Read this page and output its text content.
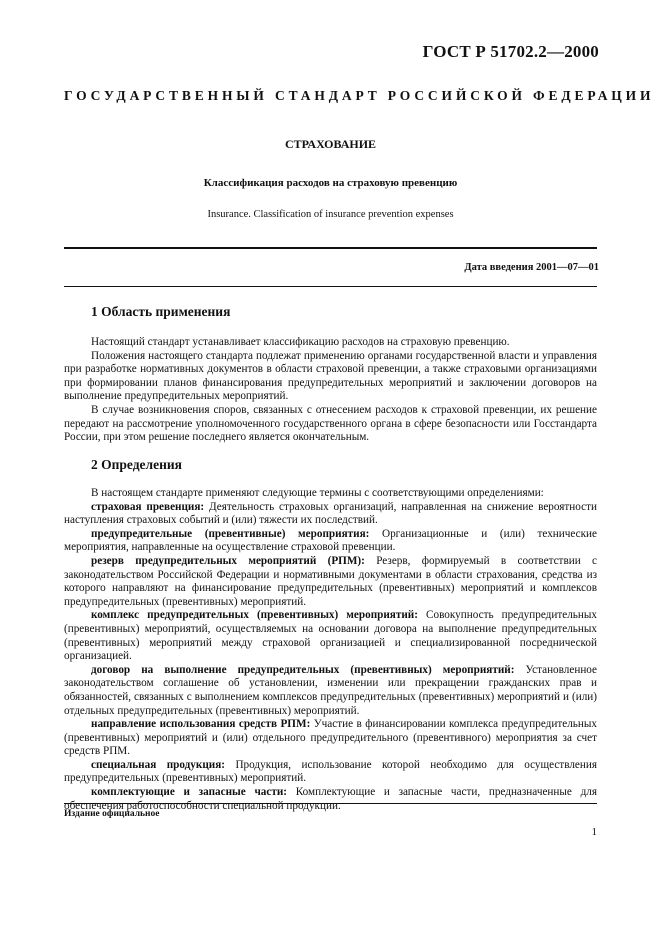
ГОСТ Р 51702.2—2000
ГОСУДАРСТВЕННЫЙ СТАНДАРТ РОССИЙСКОЙ ФЕДЕРАЦИИ
СТРАХОВАНИЕ
Классификация расходов на страховую превенцию
Insurance. Classification of insurance prevention expenses
Дата введения 2001—07—01
1 Область применения

Настоящий стандарт устанавливает классификацию расходов на страховую превенцию.

Положения настоящего стандарта подлежат применению органами государственной власти и управления при разработке нормативных документов в области страховой превенции, а также страховыми организациями при формировании планов финансирования предупредительных мероприятий и заключении договоров на выполнение предупредительных мероприятий.

В случае возникновения споров, связанных с отнесением расходов к страховой превенции, их решение передают на рассмотрение уполномоченного государственного органа в сфере безопасности или Госстандарта России, при этом решение последнего является окончательным.

2 Определения

В настоящем стандарте применяют следующие термины с соответствующими определениями:

страховая превенция: Деятельность страховых организаций, направленная на снижение вероятности наступления страховых событий и (или) тяжести их последствий.

предупредительные (превентивные) мероприятия: Организационные и (или) технические мероприятия, направленные на осуществление страховой превенции.

резерв предупредительных мероприятий (РПМ): Резерв, формируемый в соответствии с законодательством Российской Федерации и нормативными документами в области страхования, средства из которого направляют на финансирование предупредительных (превентивных) мероприятий и комплексов предупредительных (превентивных) мероприятий.

комплекс предупредительных (превентивных) мероприятий: Совокупность предупредительных (превентивных) мероприятий, осуществляемых на основании договора на выполнение предупредительных (превентивных) мероприятий между страховой организацией и специализированной посреднической организацией.

договор на выполнение предупредительных (превентивных) мероприятий: Установленное законодательством соглашение об установлении, изменении или прекращении гражданских прав и обязанностей, связанных с выполнением комплексов предупредительных (превентивных) мероприятий и (или) отдельных предупредительных (превентивных) мероприятий.

направление использования средств РПМ: Участие в финансировании комплекса предупредительных (превентивных) мероприятий и (или) отдельного предупредительного (превентивного) мероприятия за счет средств РПМ.

специальная продукция: Продукция, использование которой необходимо для осуществления предупредительных (превентивных) мероприятий.

комплектующие и запасные части: Комплектующие и запасные части, предназначенные для обеспечения работоспособности специальной продукции.

Издание официальное
1
